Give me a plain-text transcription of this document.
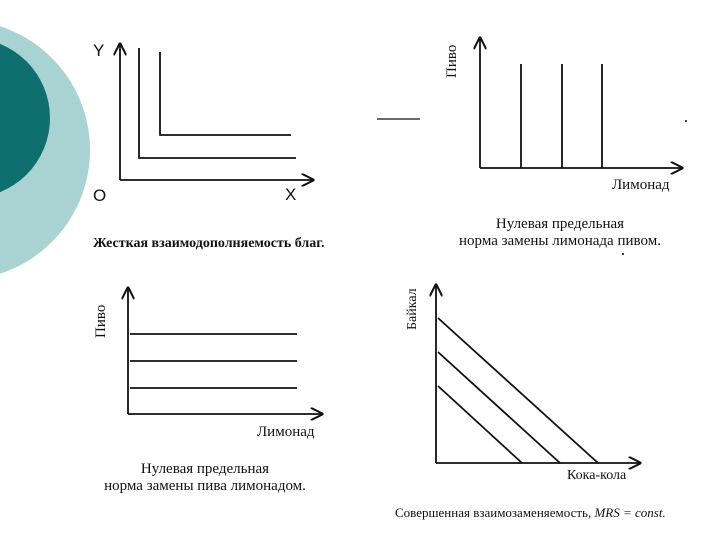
Y
O	X
Жесткая взаимодополняемость благ.
Пиво
Лимонад
Нулевая предельная
норма замены лимонада пивом.
Пиво
Лимонад
Нулевая предельная
норма замены пива лимонадом.
Байкал
Кока-кола
Совершенная взаимозаменяемость, MRS = const.
